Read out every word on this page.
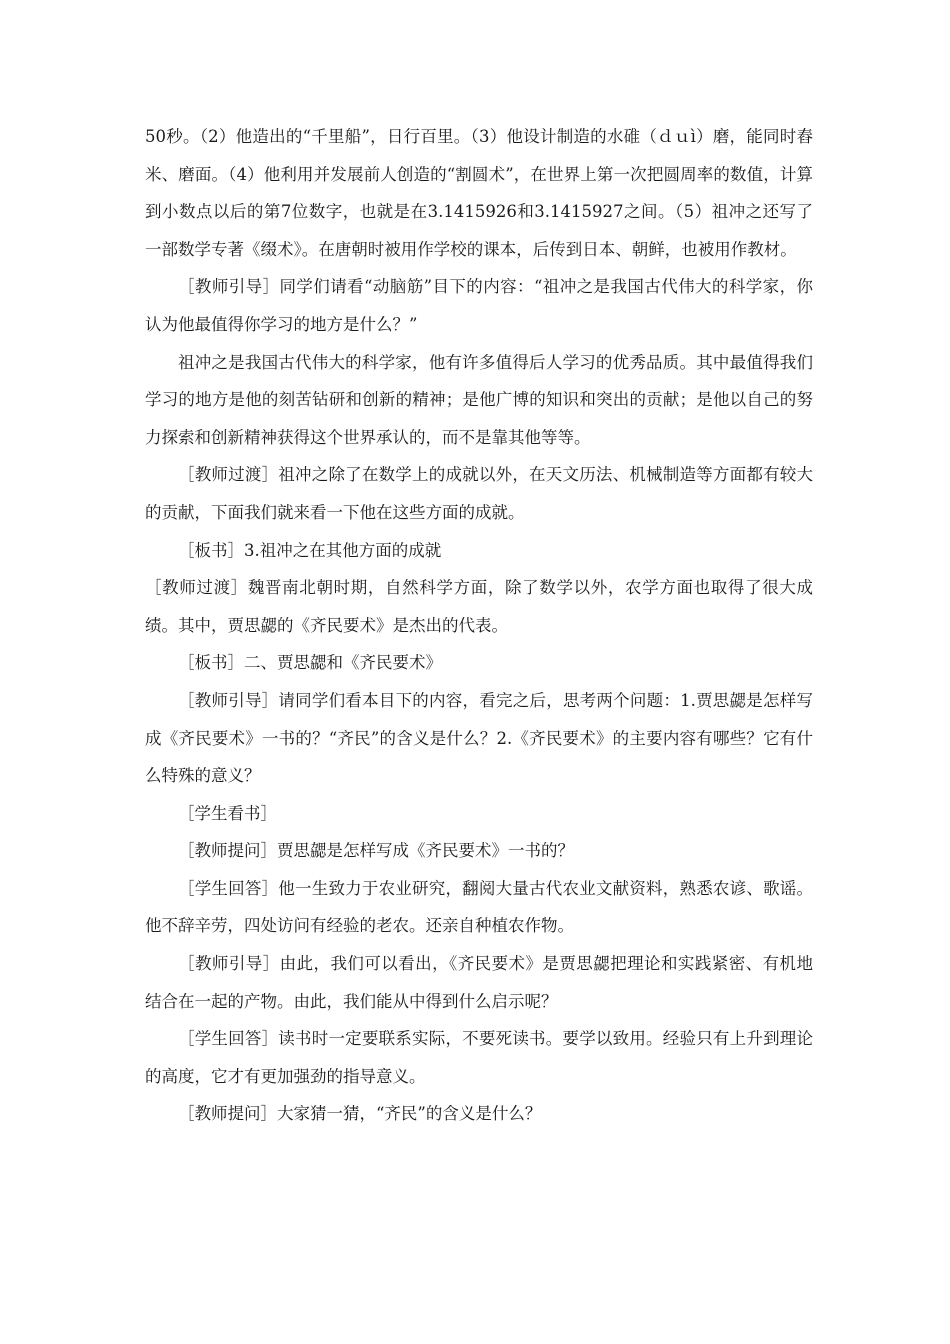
50秒。（2）他造出的“千里船”，日行百里。（3）他设计制造的水碓（ｄｕì）磨，能同时舂米、磨面。（4）他利用并发展前人创造的“割圆术”，在世界上第一次把圆周率的数值，计算到小数点以后的第7位数字，也就是在3.1415926和3.1415927之间。（5）祖冲之还写了一部数学专著《缀术》。在唐朝时被用作学校的课本，后传到日本、朝鲜，也被用作教材。

［教师引导］同学们请看“动脑筋”目下的内容：“祖冲之是我国古代伟大的科学家，你认为他最值得你学习的地方是什么？”

祖冲之是我国古代伟大的科学家，他有许多值得后人学习的优秀品质。其中最值得我们学习的地方是他的刻苦钻研和创新的精神；是他广博的知识和突出的贡献；是他以自己的努力探索和创新精神获得这个世界承认的，而不是靠其他等等。

［教师过渡］祖冲之除了在数学上的成就以外，在天文历法、机械制造等方面都有较大的贡献，下面我们就来看一下他在这些方面的成就。

［板书］3.祖冲之在其他方面的成就

［教师过渡］魏晋南北朝时期，自然科学方面，除了数学以外，农学方面也取得了很大成绩。其中，贾思勰的《齐民要术》是杰出的代表。

［板书］二、贾思勰和《齐民要术》

［教师引导］请同学们看本目下的内容，看完之后，思考两个问题：1.贾思勰是怎样写成《齐民要术》一书的？“齐民”的含义是什么？2.《齐民要术》的主要内容有哪些？它有什么特殊的意义？

［学生看书］

［教师提问］贾思勰是怎样写成《齐民要术》一书的？

［学生回答］他一生致力于农业研究，翻阅大量古代农业文献资料，熟悉农谚、歌谣。他不辞辛劳，四处访问有经验的老农。还亲自种植农作物。

［教师引导］由此，我们可以看出，《齐民要术》是贾思勰把理论和实践紧密、有机地结合在一起的产物。由此，我们能从中得到什么启示呢？

［学生回答］读书时一定要联系实际，不要死读书。要学以致用。经验只有上升到理论的高度，它才有更加强劲的指导意义。

［教师提问］大家猜一猜，“齐民”的含义是什么？
